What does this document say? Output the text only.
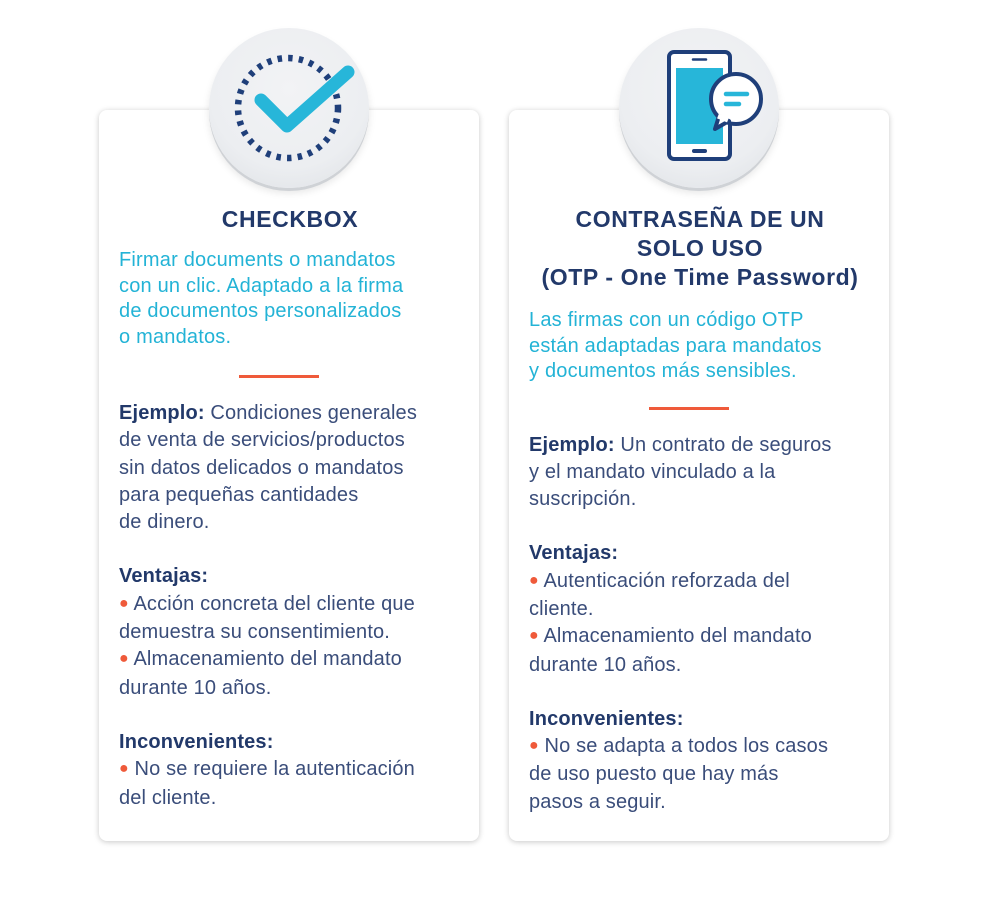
CHECKBOX

Firmar documents o mandatos
con un clic. Adaptado a la firma
de documentos personalizados
o mandatos.

Ejemplo: Condiciones generales
de venta de servicios/productos
sin datos delicados o mandatos
para pequeñas cantidades
de dinero.
Ventajas:
● Acción concreta del cliente que
demuestra su consentimiento.
● Almacenamiento del mandato
durante 10 años.
Inconvenientes:
● No se requiere la autenticación
del cliente.
CONTRASEÑA DE UN
SOLO USO
(OTP - One Time Password)

Las firmas con un código OTP
están adaptadas para mandatos
y documentos más sensibles.

Ejemplo: Un contrato de seguros
y el mandato vinculado a la
suscripción.
Ventajas:
● Autenticación reforzada del
cliente.
● Almacenamiento del mandato
durante 10 años.
Inconvenientes:
● No se adapta a todos los casos
de uso puesto que hay más
pasos a seguir.
